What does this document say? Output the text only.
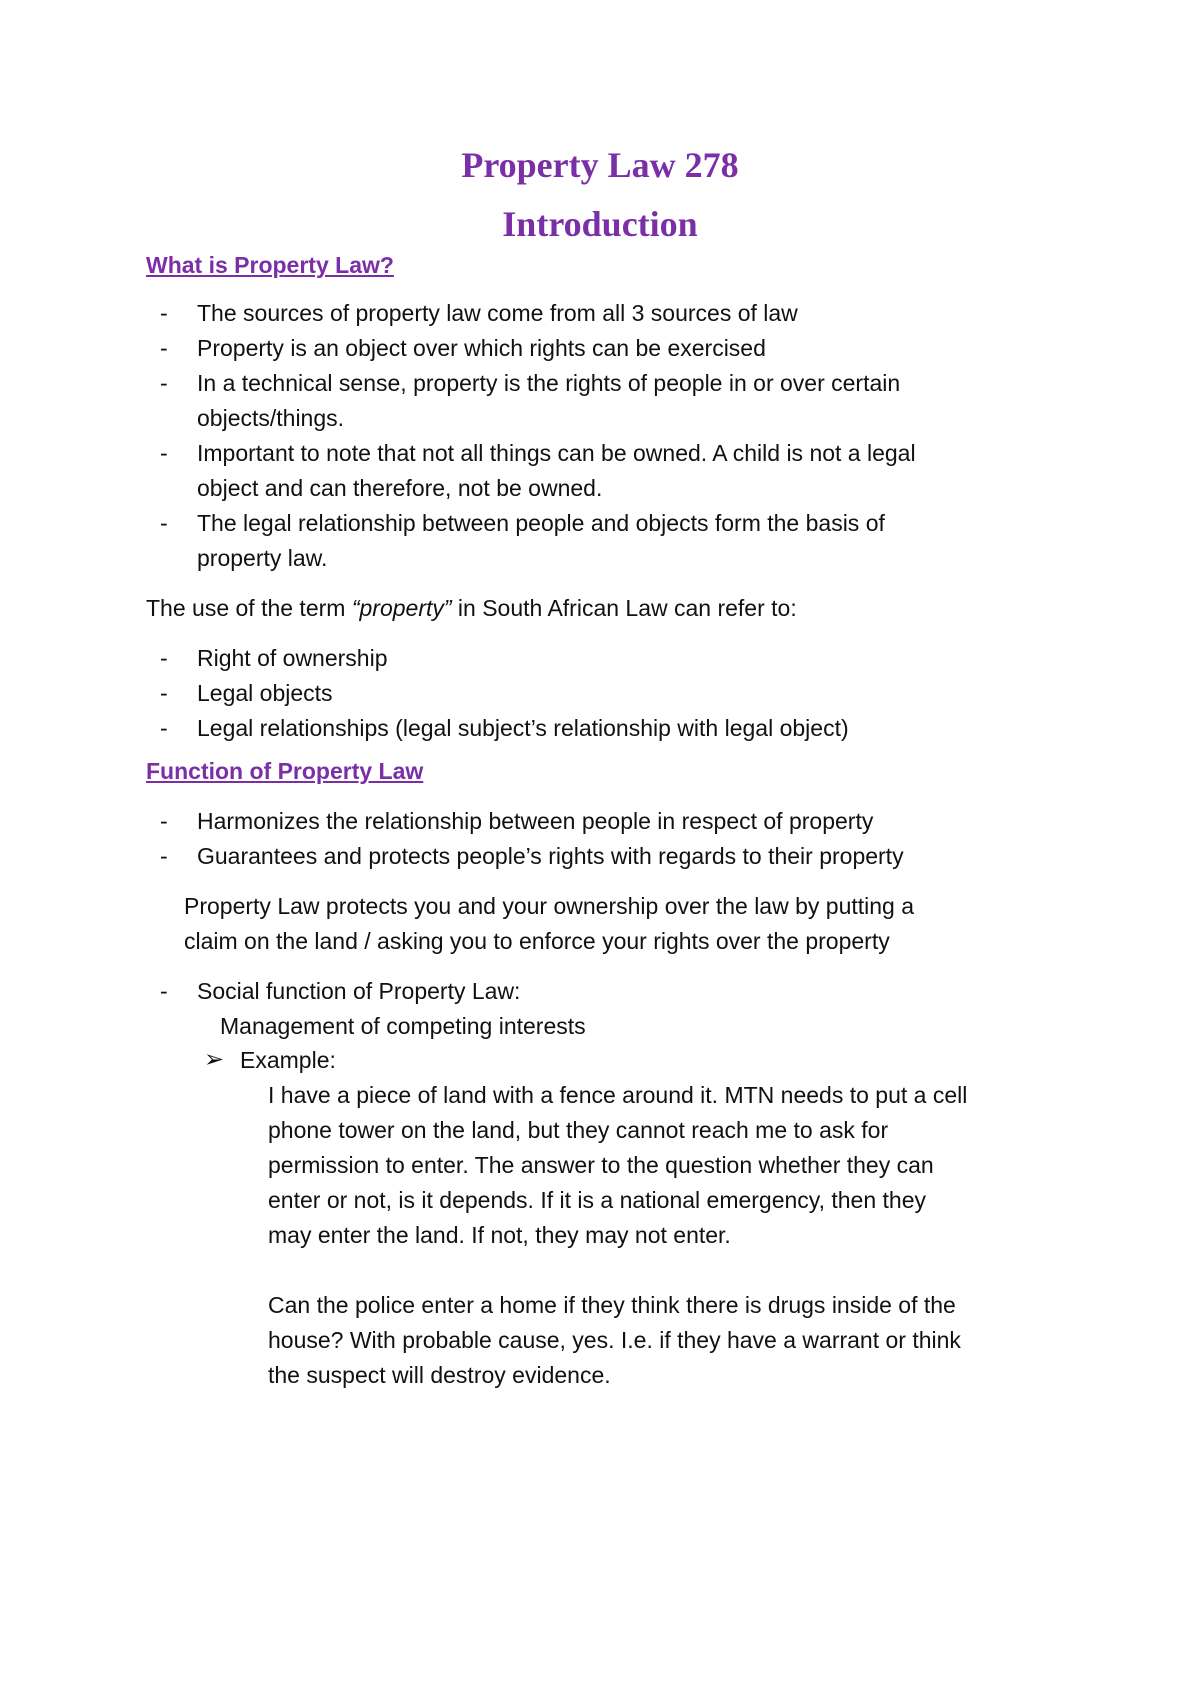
Property Law 278
Introduction

What is Property Law?

- The sources of property law come from all 3 sources of law

- Property is an object over which rights can be exercised

- In a technical sense, property is the rights of people in or over certain

objects/things.

- Important to note that not all things can be owned. A child is not a legal

object and can therefore, not be owned.

- The legal relationship between people and objects form the basis of

property law.

The use of the term “property” in South African Law can refer to:

- Right of ownership

- Legal objects

- Legal relationships (legal subject’s relationship with legal object)

Function of Property Law

- Harmonizes the relationship between people in respect of property

- Guarantees and protects people’s rights with regards to their property

Property Law protects you and your ownership over the law by putting a

claim on the land / asking you to enforce your rights over the property

- Social function of Property Law:

Management of competing interests

➢ Example:

I have a piece of land with a fence around it. MTN needs to put a cell

phone tower on the land, but they cannot reach me to ask for

permission to enter. The answer to the question whether they can

enter or not, is it depends. If it is a national emergency, then they

may enter the land. If not, they may not enter.

Can the police enter a home if they think there is drugs inside of the

house? With probable cause, yes. I.e. if they have a warrant or think

the suspect will destroy evidence.
